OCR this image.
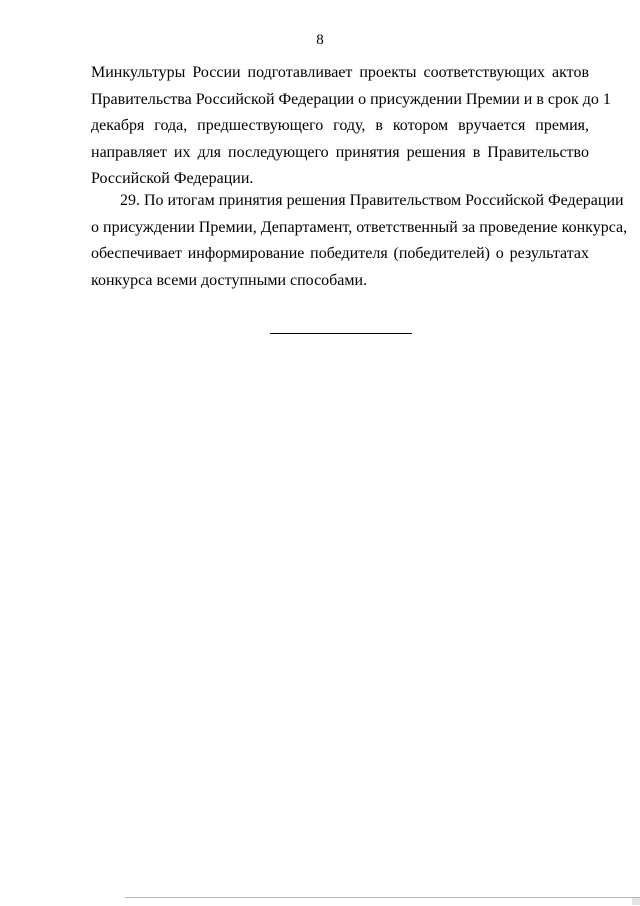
8
Минкультуры России подготавливает проекты соответствующих актов
Правительства Российской Федерации о присуждении Премии и в срок до 1
декабря года, предшествующего году, в котором вручается премия,
направляет их для последующего принятия решения в Правительство
Российской Федерации.
29. По итогам принятия решения Правительством Российской Федерации
о присуждении Премии, Департамент, ответственный за проведение конкурса,
обеспечивает информирование победителя (победителей) о результатах
конкурса всеми доступными способами.
